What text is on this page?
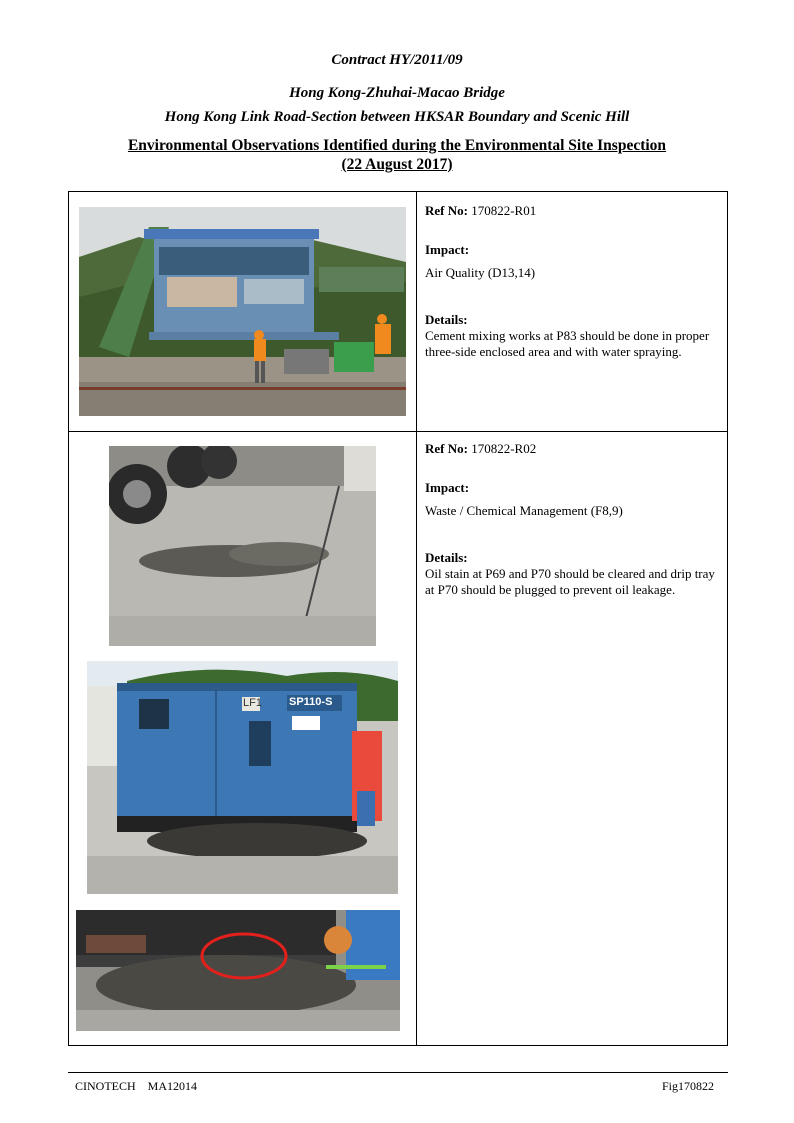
Contract HY/2011/09
Hong Kong-Zhuhai-Macao Bridge
Hong Kong Link Road-Section between HKSAR Boundary and Scenic Hill
Environmental Observations Identified during the Environmental Site Inspection
(22 August 2017)
Ref No: 170822-R01
Impact:
Air Quality (D13,14)
Details:
Cement mixing works at P83 should be done in proper
three-side enclosed area and with water spraying.
LF1 SP110-S
Ref No: 170822-R02
Impact:
Waste / Chemical Management (F8,9)
Details:
Oil stain at P69 and P70 should be cleared and drip tray
at P70 should be plugged to prevent oil leakage.
CINOTECH    MA12014	Fig170822
